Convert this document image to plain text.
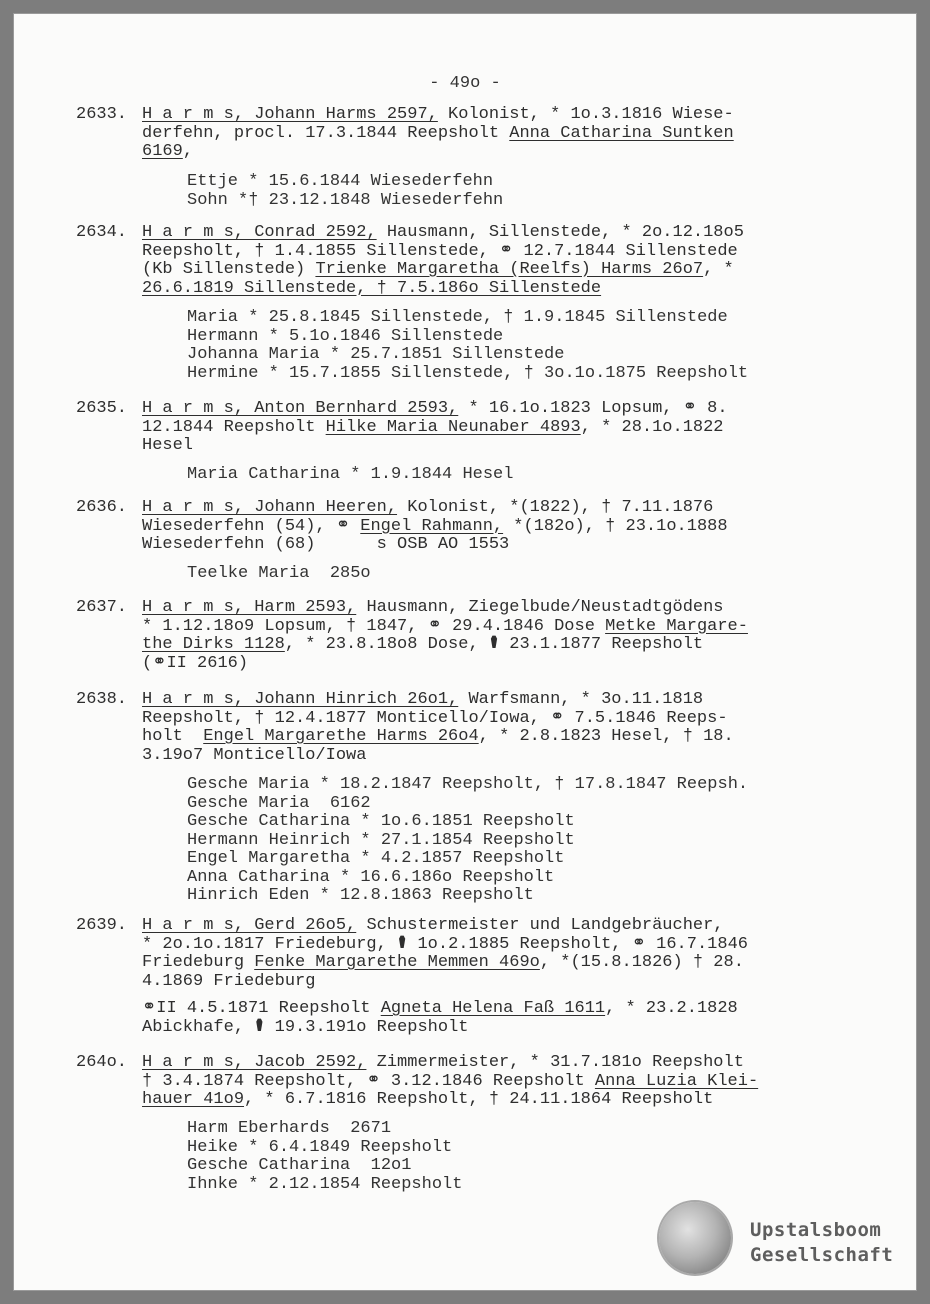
- 49o -
2633. H a r m s, Johann Harms 2597, Kolonist, * 1o.3.1816 Wiese-
derfehn, procl. 17.3.1844 Reepsholt Anna Catharina Suntken
6169,
Ettje * 15.6.1844 Wiesederfehn
Sohn *† 23.12.1848 Wiesederfehn
2634. H a r m s, Conrad 2592, Hausmann, Sillenstede, * 2o.12.18o5
Reepsholt, † 1.4.1855 Sillenstede, ⚭ 12.7.1844 Sillenstede
(Kb Sillenstede) Trienke Margaretha (Reelfs) Harms 26o7, *
26.6.1819 Sillenstede, † 7.5.186o Sillenstede
Maria * 25.8.1845 Sillenstede, † 1.9.1845 Sillenstede
Hermann * 5.1o.1846 Sillenstede
Johanna Maria * 25.7.1851 Sillenstede
Hermine * 15.7.1855 Sillenstede, † 3o.1o.1875 Reepsholt
2635. H a r m s, Anton Bernhard 2593, * 16.1o.1823 Lopsum, ⚭ 8.
12.1844 Reepsholt Hilke Maria Neunaber 4893, * 28.1o.1822
Hesel
Maria Catharina * 1.9.1844 Hesel
2636. H a r m s, Johann Heeren, Kolonist, *(1822), † 7.11.1876
Wiesederfehn (54), ⚭ Engel Rahmann, *(182o), † 23.1o.1888
Wiesederfehn (68)      s OSB AO 1553
Teelke Maria  285o
2637. H a r m s, Harm 2593, Hausmann, Ziegelbude/Neustadtgödens
* 1.12.18o9 Lopsum, † 1847, ⚭ 29.4.1846 Dose Metke Margare-
the Dirks 1128, * 23.8.18o8 Dose, ⚰ 23.1.1877 Reepsholt
(⚭II 2616)
2638. H a r m s, Johann Hinrich 26o1, Warfsmann, * 3o.11.1818
Reepsholt, † 12.4.1877 Monticello/Iowa, ⚭ 7.5.1846 Reeps-
holt  Engel Margarethe Harms 26o4, * 2.8.1823 Hesel, † 18.
3.19o7 Monticello/Iowa
Gesche Maria * 18.2.1847 Reepsholt, † 17.8.1847 Reepsh.
Gesche Maria  6162
Gesche Catharina * 1o.6.1851 Reepsholt
Hermann Heinrich * 27.1.1854 Reepsholt
Engel Margaretha * 4.2.1857 Reepsholt
Anna Catharina * 16.6.186o Reepsholt
Hinrich Eden * 12.8.1863 Reepsholt
2639. H a r m s, Gerd 26o5, Schustermeister und Landgebräucher,
* 2o.1o.1817 Friedeburg, ⚰ 1o.2.1885 Reepsholt, ⚭ 16.7.1846
Friedeburg Fenke Margarethe Memmen 469o, *(15.8.1826) † 28.
4.1869 Friedeburg
⚭II 4.5.1871 Reepsholt Agneta Helena Faß 1611, * 23.2.1828
Abickhafe, ⚰ 19.3.191o Reepsholt
264o. H a r m s, Jacob 2592, Zimmermeister, * 31.7.181o Reepsholt
† 3.4.1874 Reepsholt, ⚭ 3.12.1846 Reepsholt Anna Luzia Klei-
hauer 41o9, * 6.7.1816 Reepsholt, † 24.11.1864 Reepsholt
Harm Eberhards  2671
Heike * 6.4.1849 Reepsholt
Gesche Catharina  12o1
Ihnke * 2.12.1854 Reepsholt
Upstalsboom
Gesellschaft
